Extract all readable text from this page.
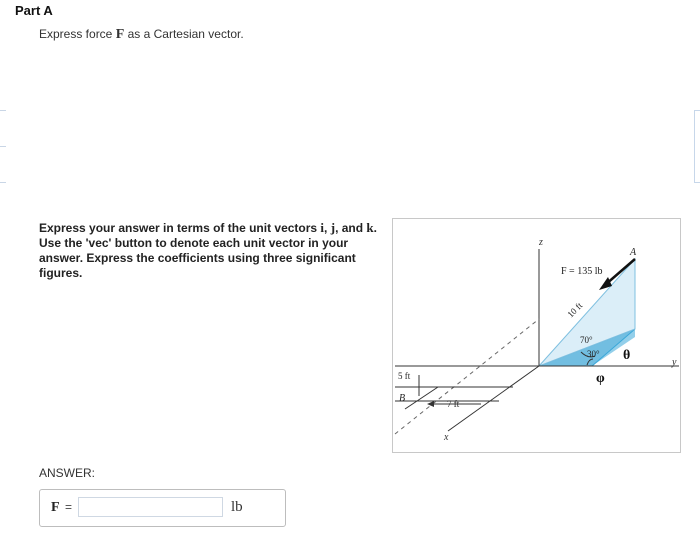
Part A
Express force F as a Cartesian vector.
Express your answer in terms of the unit vectors i, j, and k. Use the 'vec' button to denote each unit vector in your answer. Express the coefficients using three significant figures.
θ
φ
z
y
x
F = 135 lb
A
B
10 ft
70°
30°
5 ft
7 ft
ANSWER:
F =	lb
